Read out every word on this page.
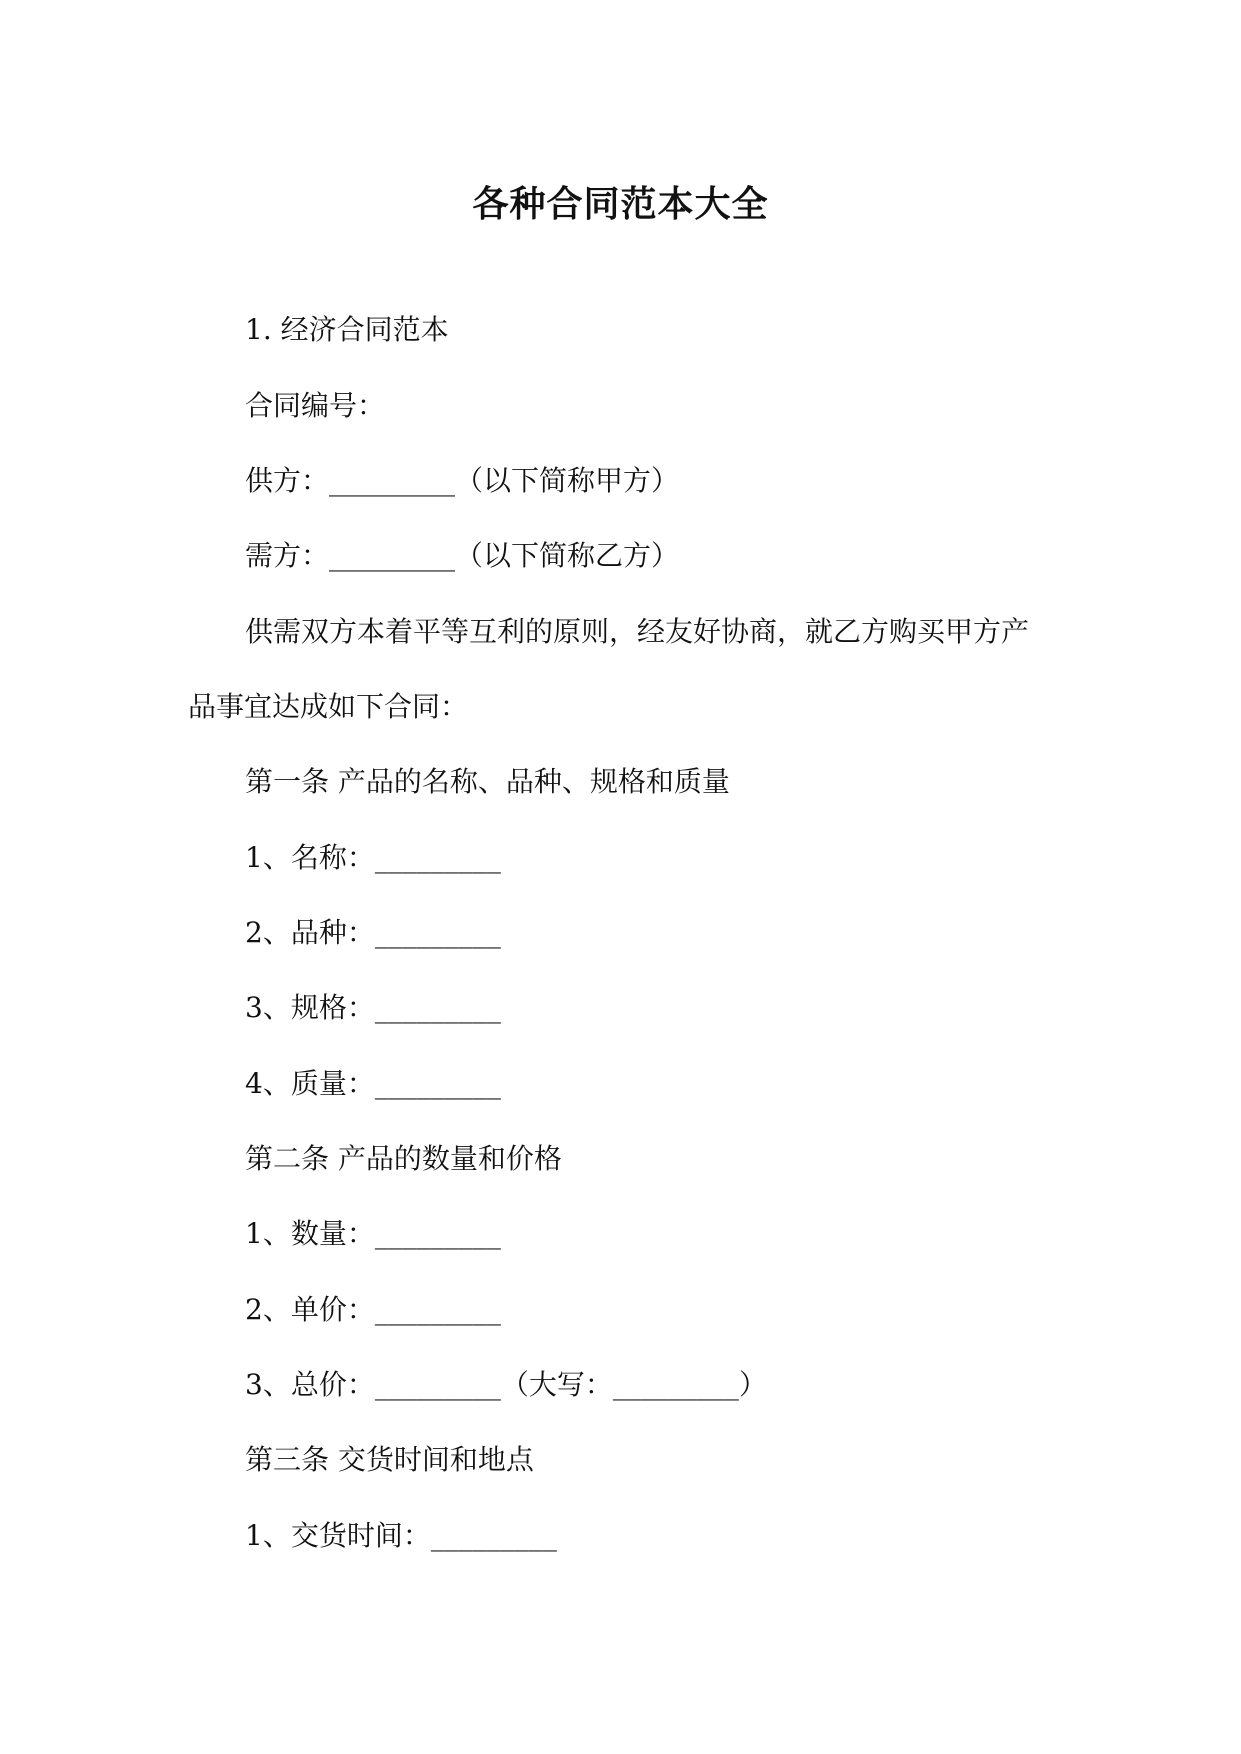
各种合同范本大全
1. 经济合同范本
合同编号：
供方：_________（以下简称甲方）
需方：_________（以下简称乙方）
供需双方本着平等互利的原则，经友好协商，就乙方购买甲方产
品事宜达成如下合同：
第一条 产品的名称、品种、规格和质量
1、名称：_________
2、品种：_________
3、规格：_________
4、质量：_________
第二条 产品的数量和价格
1、数量：_________
2、单价：_________
3、总价：_________（大写：_________）
第三条 交货时间和地点
1、交货时间：_________
